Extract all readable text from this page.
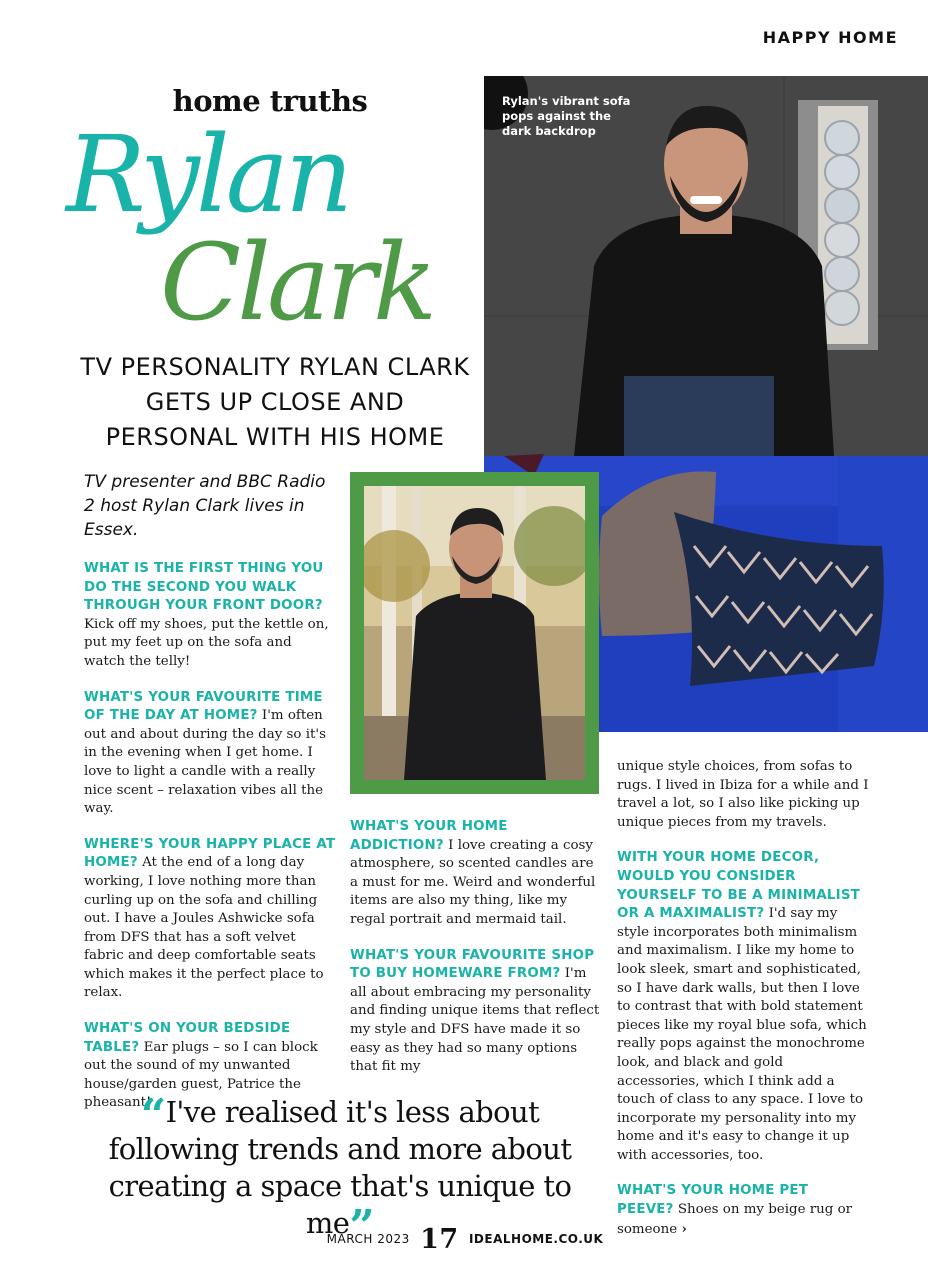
HAPPY HOME
Rylan's vibrant sofa pops against the dark backdrop
home truths
Rylan
Clark
TV PERSONALITY RYLAN CLARK GETS UP CLOSE AND PERSONAL WITH HIS HOME
TV presenter and BBC Radio 2 host Rylan Clark lives in Essex.
WHAT IS THE FIRST THING YOU DO THE SECOND YOU WALK THROUGH YOUR FRONT DOOR? Kick off my shoes, put the kettle on, put my feet up on the sofa and watch the telly!
WHAT'S YOUR FAVOURITE TIME OF THE DAY AT HOME? I'm often out and about during the day so it's in the evening when I get home. I love to light a candle with a really nice scent – relaxation vibes all the way.
WHERE'S YOUR HAPPY PLACE AT HOME? At the end of a long day working, I love nothing more than curling up on the sofa and chilling out. I have a Joules Ashwicke sofa from DFS that has a soft velvet fabric and deep comfortable seats which makes it the perfect place to relax.
WHAT'S ON YOUR BEDSIDE TABLE? Ear plugs – so I can block out the sound of my unwanted house/garden guest, Patrice the pheasant!
WHAT'S YOUR HOME ADDICTION? I love creating a cosy atmosphere, so scented candles are a must for me. Weird and wonderful items are also my thing, like my regal portrait and mermaid tail.
WHAT'S YOUR FAVOURITE SHOP TO BUY HOMEWARE FROM? I'm all about embracing my personality and finding unique items that reflect my style and DFS have made it so easy as they had so many options that fit my
unique style choices, from sofas to rugs. I lived in Ibiza for a while and I travel a lot, so I also like picking up unique pieces from my travels.
WITH YOUR HOME DECOR, WOULD YOU CONSIDER YOURSELF TO BE A MINIMALIST OR A MAXIMALIST? I'd say my style incorporates both minimalism and maximalism. I like my home to look sleek, smart and sophisticated, so I have dark walls, but then I love to contrast that with bold statement pieces like my royal blue sofa, which really pops against the monochrome look, and black and gold accessories, which I think add a touch of class to any space. I love to incorporate my personality into my home and it's easy to change it up with accessories, too.
WHAT'S YOUR HOME PET PEEVE? Shoes on my beige rug or someone ›
“I've realised it's less about following trends and more about creating a space that's unique to me”
MARCH 2023 17 IDEALHOME.CO.UK
